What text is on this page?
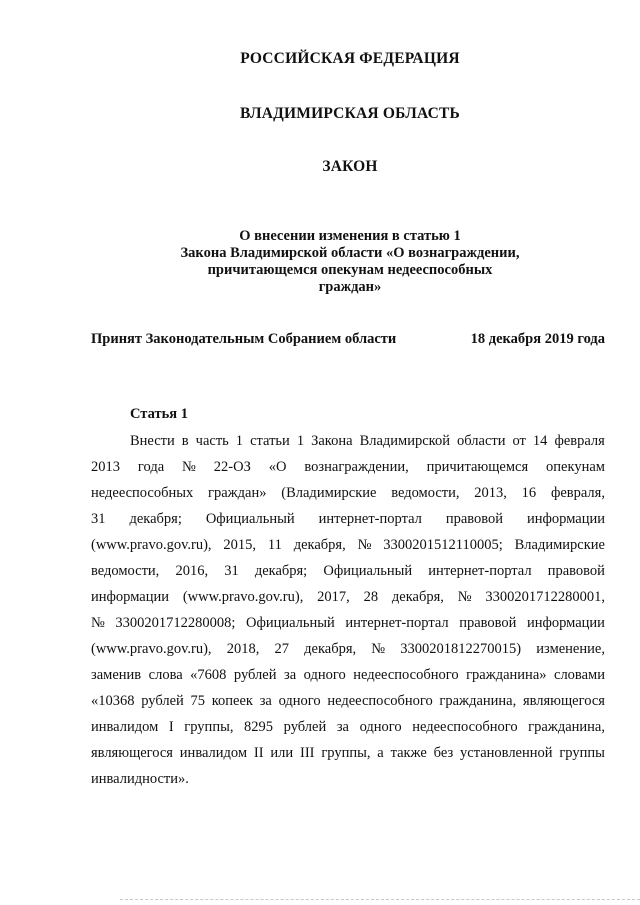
РОССИЙСКАЯ ФЕДЕРАЦИЯ
ВЛАДИМИРСКАЯ ОБЛАСТЬ
ЗАКОН
О внесении изменения в статью 1
Закона Владимирской области «О вознаграждении,
причитающемся опекунам недееспособных
граждан»
Принят Законодательным Собранием области	18 декабря 2019 года
Статья 1
Внести в часть 1 статьи 1 Закона Владимирской области от 14 февраля
2013 года № 22-ОЗ «О вознаграждении, причитающемся опекунам
недееспособных граждан» (Владимирские ведомости, 2013, 16 февраля,
31 декабря; Официальный интернет-портал правовой информации
(www.pravo.gov.ru), 2015, 11 декабря, № 3300201512110005; Владимирские
ведомости, 2016, 31 декабря; Официальный интернет-портал правовой
информации (www.pravo.gov.ru), 2017, 28 декабря, № 3300201712280001,
№ 3300201712280008; Официальный интернет-портал правовой информации
(www.pravo.gov.ru), 2018, 27 декабря, № 3300201812270015) изменение,
заменив слова «7608 рублей за одного недееспособного гражданина» словами
«10368 рублей 75 копеек за одного недееспособного гражданина, являющегося
инвалидом I группы, 8295 рублей за одного недееспособного гражданина,
являющегося инвалидом II или III группы, а также без установленной группы
инвалидности».
